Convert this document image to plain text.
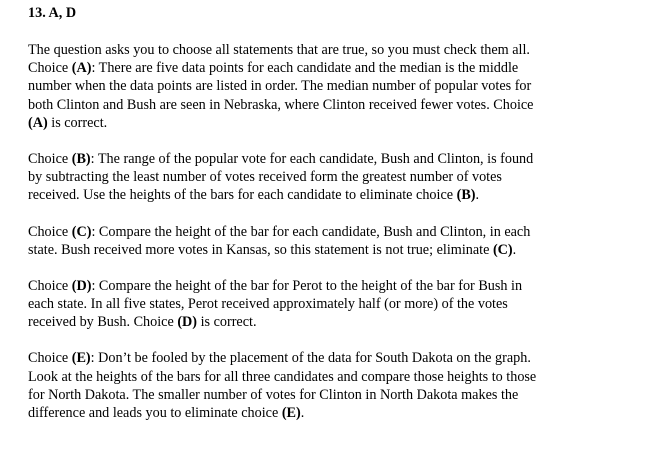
13. A, D
The question asks you to choose all statements that are true, so you must check them all.
Choice (A): There are five data points for each candidate and the median is the middle
number when the data points are listed in order. The median number of popular votes for
both Clinton and Bush are seen in Nebraska, where Clinton received fewer votes. Choice
(A) is correct.
Choice (B): The range of the popular vote for each candidate, Bush and Clinton, is found
by subtracting the least number of votes received form the greatest number of votes
received. Use the heights of the bars for each candidate to eliminate choice (B).
Choice (C): Compare the height of the bar for each candidate, Bush and Clinton, in each
state. Bush received more votes in Kansas, so this statement is not true; eliminate (C).
Choice (D): Compare the height of the bar for Perot to the height of the bar for Bush in
each state. In all five states, Perot received approximately half (or more) of the votes
received by Bush. Choice (D) is correct.
Choice (E): Don’t be fooled by the placement of the data for South Dakota on the graph.
Look at the heights of the bars for all three candidates and compare those heights to those
for North Dakota. The smaller number of votes for Clinton in North Dakota makes the
difference and leads you to eliminate choice (E).
